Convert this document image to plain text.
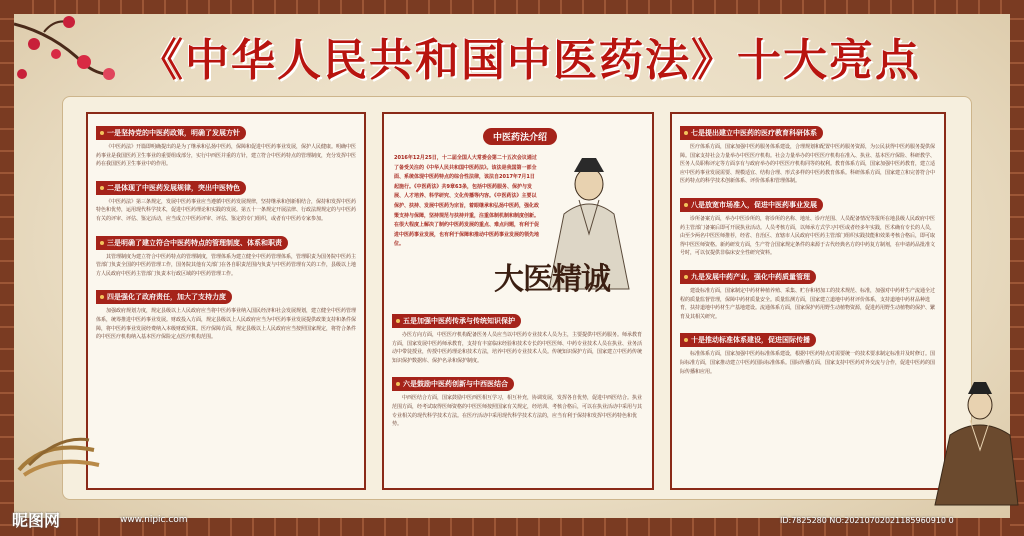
《中华人民共和国中医药法》十大亮点
一是坚持党的中医药政策，明确了发展方针
《中医药法》开篇即明确提出的是为了继承和弘扬中医药，保障和促进中医药事业发展，保护人民健康。明确中医药事业是我国医药卫生事业的重要组成部分，实行中西医并重的方针，建立符合中医药特点的管理制度，充分发挥中医药在我国医药卫生事业中的作用。
二是体现了中医药发展规律，突出中医特色
《中医药法》第三条规定，发展中医药事业应当遵循中医药发展规律，坚持继承和创新相结合，保持和发挥中医药特色和优势，运用现代科学技术，促进中医药理论和实践的发展。第五十一条规定开展法律、行政法规规定的与中医药有关的评审、评估、鉴定活动，应当成立中医药评审、评估、鉴定的专门组织，或者有中医药专家参加。
三是明确了建立符合中医药特点的管理制度、体系和职责
其管理制度为建立符合中医药特点的管理制度，管理体系为建立健全中医药管理体系，管理职责为国务院中医药主管部门负责全国的中医药管理工作，国务院其他有关部门在各自职责范围内负责与中医药管理有关的工作，县级以上地方人民政府中医药主管部门负责本行政区域的中医药管理工作。
四是强化了政府责任，加大了支持力度
加强政府规划力度，规定县级以上人民政府应当将中医药事业纳入国民经济和社会发展规划，建立健全中医药管理体系，统筹推进中医药事业发展。财政投入方面，规定县级以上人民政府应当为中医药事业发展提供政策支持和条件保障，将中医药事业发展经费纳入本级财政预算。医疗保障方面，规定县级以上人民政府应当按照国家规定，将符合条件的中医医疗机构纳入基本医疗保险定点医疗机构范围。
中医药法介绍
2016年12月25日，十二届全国人大常委会第二十五次会议通过了备受关注的《中华人民共和国中医药法》。该法是我国第一部全面、系统体现中医药特点的综合性法律，该法自2017年7月1日起施行。《中医药法》共9章63条，包括中医药服务、保护与发展、人才培养、科学研究、文化传播等内容。《中医药法》主要以保护、扶持、发展中医药为宗旨，着眼继承和弘扬中医药，强化政策支持与保障，坚持规范与扶持并重，注重体制机制和制度创新。在很大程度上解决了制约中医药发展的重点、难点问题，有利于促进中医药事业发展，也有利于保障和推动中医药事业发展的领先地位。
大医精诚
五是加强中医药传承与传统知识保护
办医方向方面，中医医疗机构配备医务人员应当以中医药专业技术人员为主，主要提供中医药服务。师承教育方面，国家发展中医药师承教育，支持有丰富临床经验和技术专长的中医医师、中药专业技术人员在执业、业务活动中带徒授业，传授中医药理论和技术方法，培养中医药专业技术人员。传统知识保护方面，国家建立中医药传统知识保护数据库、保护名录和保护制度。
六是鼓励中医药创新与中西医结合
中西医结合方面，国家鼓励中医西医相互学习，相互补充，协调发展，发挥各自优势，促进中西医结合。执业范围方面，经考试取得医师资格的中医医师按照国家有关规定，经培训、考核合格后，可以在执业活动中采用与其专业相关的现代科学技术方法。在医疗活动中采用现代科学技术方法的，应当有利于保持和发挥中医药特色和优势。
七是提出建立中医药的医疗教育科研体系
医疗体系方面，国家加强中医药服务体系建设，合理规划和配置中医药服务资源，为公民获得中医药服务提供保障。国家支持社会力量举办中医医疗机构。社会力量举办的中医医疗机构在准入、执业、基本医疗保险、科研教学、医务人员职称评定等方面享有与政府举办的中医医疗机构同等的权利。教育体系方面，国家加强中医药教育，建立适应中医药事业发展需要、规模适宜、结构合理、形式多样的中医药教育体系。科研体系方面，国家建立和完善符合中医药特点的科学技术创新体系、评价体系和管理体制。
八是放宽市场准入，促进中医药事业发展
诊所备案方面，举办中医诊所的，将诊所的名称、地址、诊疗范围、人员配备情况等报所在地县级人民政府中医药主管部门备案后即可开展执业活动。人员考核方面，以师承方式学习中医或者经多年实践，医术确有专长的人员，由至少两名中医医师推荐，经省、自治区、直辖市人民政府中医药主管部门组织实践技能和效果考核合格后，即可取得中医医师资格。新药研发方面，生产符合国家规定条件的来源于古代经典名方的中药复方制剂，在申请药品批准文号时，可以仅提供非临床安全性研究资料。
九是发展中药产业，强化中药质量管理
建设标准方面，国家制定中药材种植养殖、采集、贮存和初加工的技术规范、标准，加强对中药材生产流通全过程的质量监督管理，保障中药材质量安全。质量监测方面，国家建立道地中药材评价体系，支持道地中药材品种选育，扶持道地中药材生产基地建设。流通体系方面，国家保护药用野生动植物资源，促进药用野生动植物的保护、繁育及其相关研究。
十是推动标准体系建设，促进国际传播
标准体系方面，国家加强中医药标准体系建设，根据中医药特点对需要统一的技术要求制定标准并及时修订。国际标准方面，国家推动建立中医药国际标准体系。国际传播方面，国家支持中医药对外交流与合作，促进中医药的国际传播和应用。
昵图网	www.nipic.com	ID:7825280 NO:20210702021185960910 0
